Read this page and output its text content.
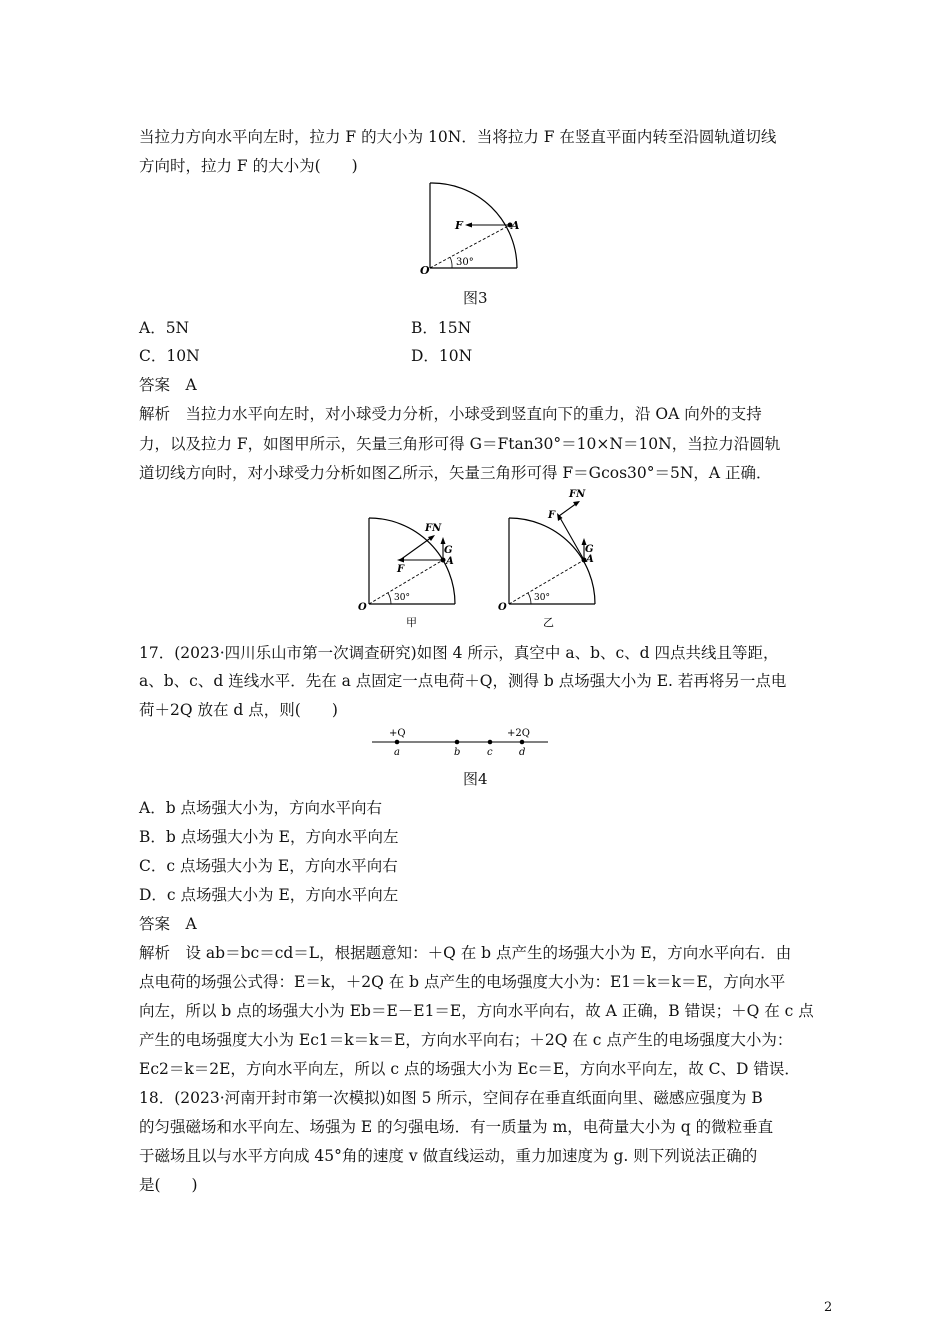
当拉力方向水平向左时，拉力 F 的大小为 10N．当将拉力 F 在竖直平面内转至沿圆轨道切线
方向时，拉力 F 的大小为(　　)
F	A
O
30°
图3
A．5N	B．15N
C．10N	D．10N
答案　A
解析　当拉力水平向左时，对小球受力分析，小球受到竖直向下的重力，沿 OA 向外的支持
力，以及拉力 F，如图甲所示，矢量三角形可得 G＝Ftan30°＝10×N＝10N，当拉力沿圆轨
道切线方向时，对小球受力分析如图乙所示，矢量三角形可得 F＝Gcos30°＝5N，A 正确．
FN
G
A
F
O
30°
甲
FN
F
G
A
O
30°
乙
17．(2023·四川乐山市第一次调查研究)如图 4 所示，真空中 a、b、c、d 四点共线且等距，
a、b、c、d 连线水平．先在 a 点固定一点电荷＋Q，测得 b 点场强大小为 E. 若再将另一点电
荷＋2Q 放在 d 点，则(　　)
+Q	+2Q
a	b	c	d
图4
A．b 点场强大小为，方向水平向右
B．b 点场强大小为 E，方向水平向左
C．c 点场强大小为 E，方向水平向右
D．c 点场强大小为 E，方向水平向左
答案　A
解析　设 ab＝bc＝cd＝L，根据题意知：＋Q 在 b 点产生的场强大小为 E，方向水平向右．由
点电荷的场强公式得：E＝k，＋2Q 在 b 点产生的电场强度大小为：E1＝k＝k＝E，方向水平
向左，所以 b 点的场强大小为 Eb＝E－E1＝E，方向水平向右，故 A 正确，B 错误；＋Q 在 c 点
产生的电场强度大小为 Ec1＝k＝k＝E，方向水平向右；＋2Q 在 c 点产生的电场强度大小为：
Ec2＝k＝2E，方向水平向左，所以 c 点的场强大小为 Ec＝E，方向水平向左，故 C、D 错误．
18．(2023·河南开封市第一次模拟)如图 5 所示，空间存在垂直纸面向里、磁感应强度为 B
的匀强磁场和水平向左、场强为 E 的匀强电场．有一质量为 m，电荷量大小为 q 的微粒垂直
于磁场且以与水平方向成 45°角的速度 v 做直线运动，重力加速度为 g. 则下列说法正确的
是(　　)
2
